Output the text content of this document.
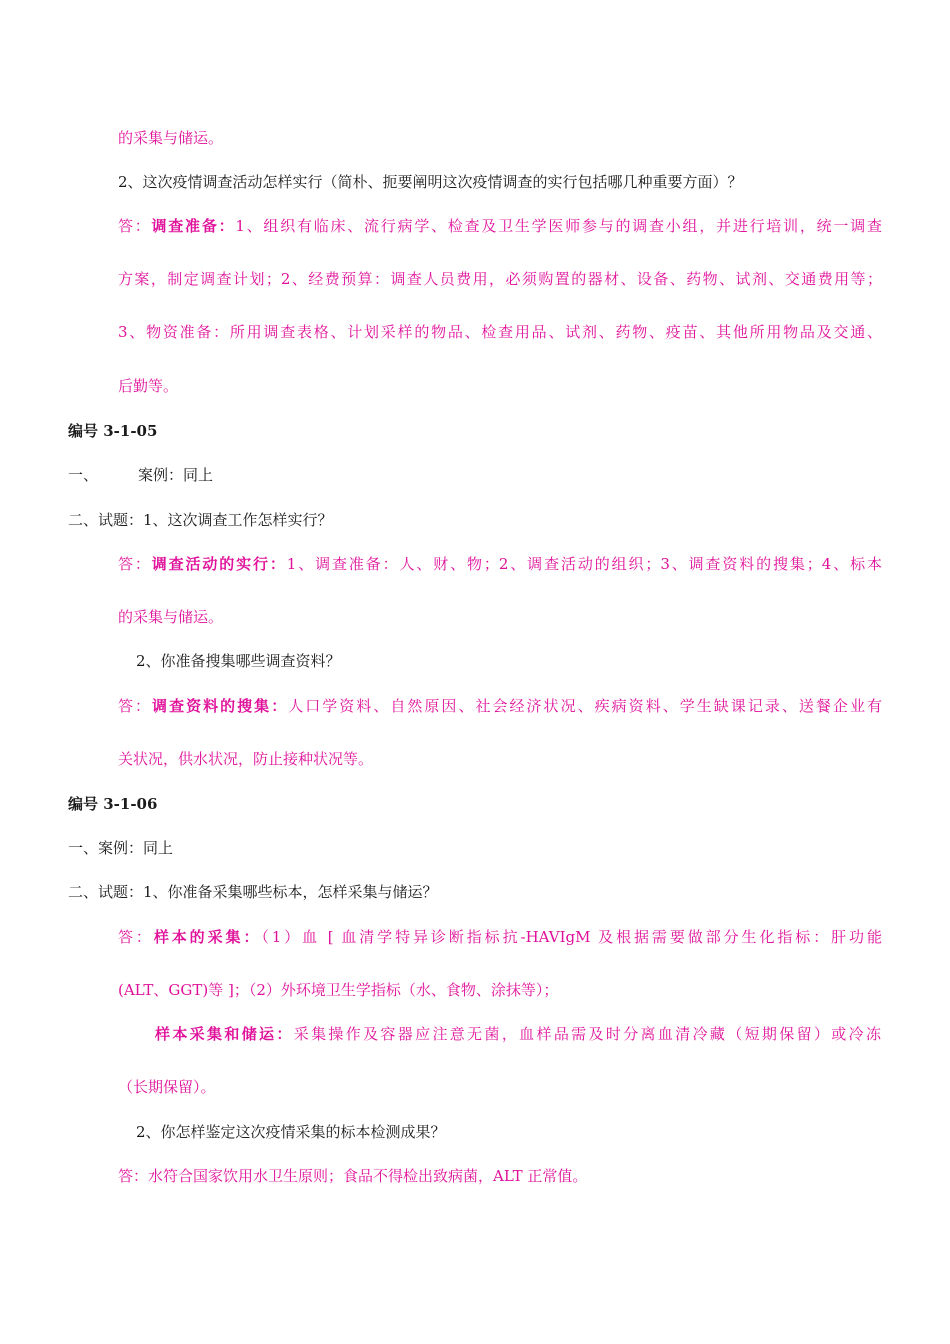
的采集与储运。
2、这次疫情调查活动怎样实行（简朴、扼要阐明这次疫情调查的实行包括哪几种重要方面）？
答：调查准备：1、组织有临床、流行病学、检查及卫生学医师参与的调查小组，并进行培训，统一调查
方案，制定调查计划；2、经费预算：调查人员费用，必须购置的器材、设备、药物、试剂、交通费用等；
3、物资准备：所用调查表格、计划采样的物品、检查用品、试剂、药物、疫苗、其他所用物品及交通、
后勤等。
编号 3-1-05
一、	案例：同上
二、试题：1、这次调查工作怎样实行？
答：调查活动的实行：1、调查准备：人、财、物；2、调查活动的组织；3、调查资料的搜集；4、标本
的采集与储运。
2、你准备搜集哪些调查资料？
答：调查资料的搜集：人口学资料、自然原因、社会经济状况、疾病资料、学生缺课记录、送餐企业有
关状况，供水状况，防止接种状况等。
编号 3-1-06
一、案例：同上
二、试题：1、你准备采集哪些标本，怎样采集与储运？
答：样本的采集：（1）血 [ 血清学特异诊断指标抗-HAVIgM 及根据需要做部分生化指标：肝功能
(ALT、GGT)等 ]；（2）外环境卫生学指标（水、食物、涂抹等）；
样本采集和储运：采集操作及容器应注意无菌，血样品需及时分离血清冷藏（短期保留）或冷冻
（长期保留）。
2、你怎样鉴定这次疫情采集的标本检测成果？
答：水符合国家饮用水卫生原则；食品不得检出致病菌，ALT 正常值。
